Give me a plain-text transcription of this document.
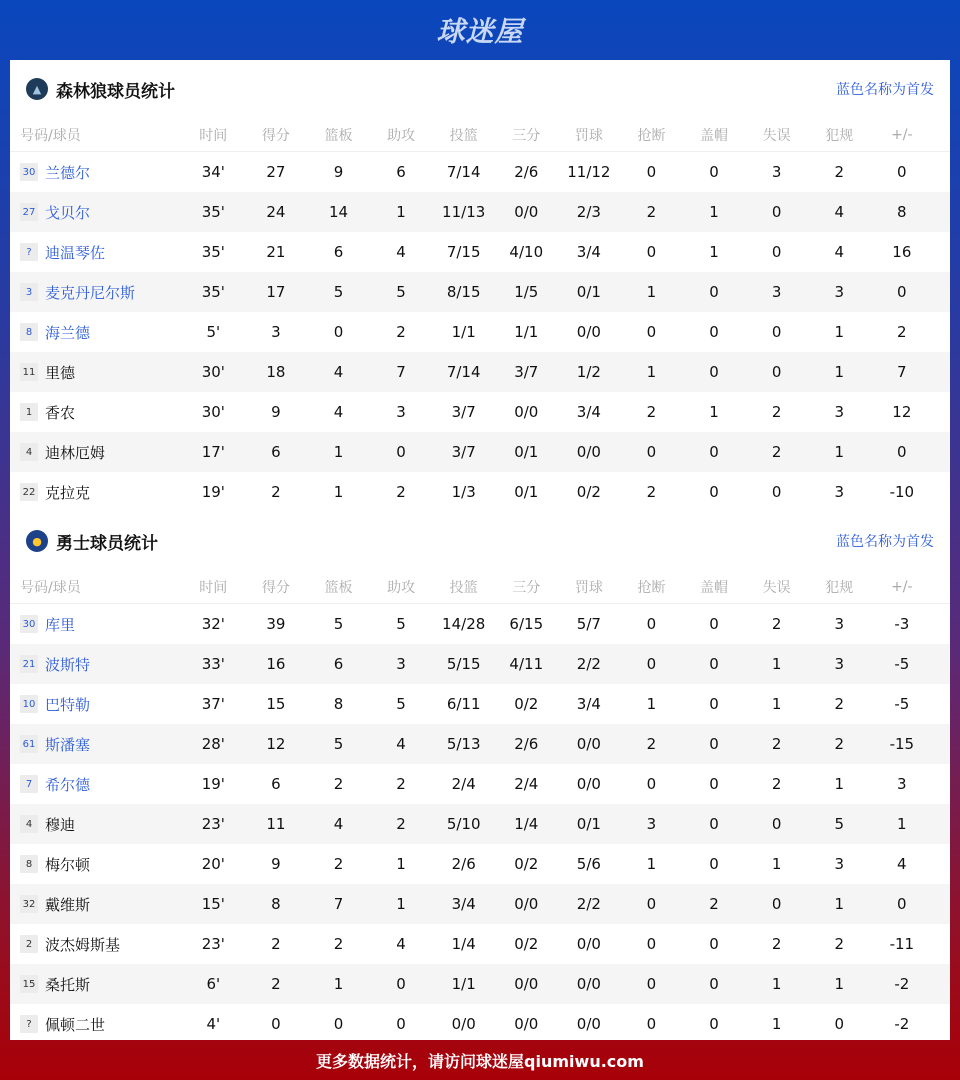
球迷屋
▲ 森林狼球员统计	蓝色名称为首发
号码/球员	时间	得分	篮板	助攻	投篮	三分	罚球	抢断	盖帽	失误	犯规	+/-
30 兰德尔	34'	27	9	6	7/14	2/6	11/12	0	0	3	2	0
27 戈贝尔	35'	24	14	1	11/13	0/0	2/3	2	1	0	4	8
? 迪温琴佐	35'	21	6	4	7/15	4/10	3/4	0	1	0	4	16
3 麦克丹尼尔斯	35'	17	5	5	8/15	1/5	0/1	1	0	3	3	0
8 海兰德	5'	3	0	2	1/1	1/1	0/0	0	0	0	1	2
11 里德	30'	18	4	7	7/14	3/7	1/2	1	0	0	1	7
1 香农	30'	9	4	3	3/7	0/0	3/4	2	1	2	3	12
4 迪林厄姆	17'	6	1	0	3/7	0/1	0/0	0	0	2	1	0
22 克拉克	19'	2	1	2	1/3	0/1	0/2	2	0	0	3	-10
● 勇士球员统计	蓝色名称为首发
号码/球员	时间	得分	篮板	助攻	投篮	三分	罚球	抢断	盖帽	失误	犯规	+/-
30 库里	32'	39	5	5	14/28	6/15	5/7	0	0	2	3	-3
21 波斯特	33'	16	6	3	5/15	4/11	2/2	0	0	1	3	-5
10 巴特勒	37'	15	8	5	6/11	0/2	3/4	1	0	1	2	-5
61 斯潘塞	28'	12	5	4	5/13	2/6	0/0	2	0	2	2	-15
7 希尔德	19'	6	2	2	2/4	2/4	0/0	0	0	2	1	3
4 穆迪	23'	11	4	2	5/10	1/4	0/1	3	0	0	5	1
8 梅尔顿	20'	9	2	1	2/6	0/2	5/6	1	0	1	3	4
32 戴维斯	15'	8	7	1	3/4	0/0	2/2	0	2	0	1	0
2 波杰姆斯基	23'	2	2	4	1/4	0/2	0/0	0	0	2	2	-11
15 桑托斯	6'	2	1	0	1/1	0/0	0/0	0	0	1	1	-2
? 佩顿二世	4'	0	0	0	0/0	0/0	0/0	0	0	1	0	-2
更多数据统计，请访问球迷屋qiumiwu.com
